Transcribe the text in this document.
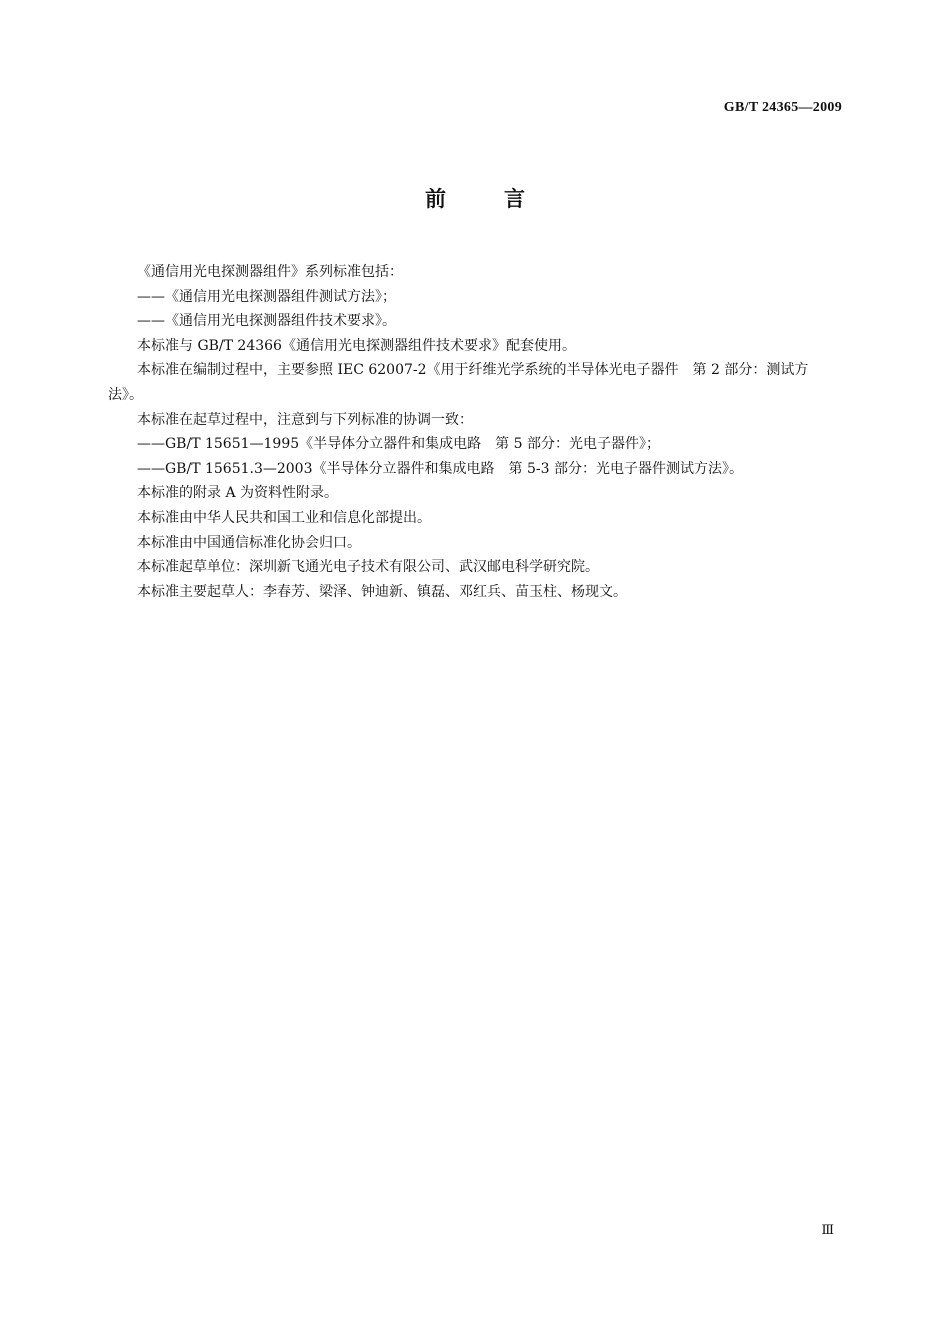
GB/T 24365—2009
前言

《通信用光电探测器组件》系列标准包括：

——《通信用光电探测器组件测试方法》；

——《通信用光电探测器组件技术要求》。

本标准与 GB/T 24366《通信用光电探测器组件技术要求》配套使用。

本标准在编制过程中，主要参照 IEC 62007-2《用于纤维光学系统的半导体光电子器件　第 2 部分：测试方法》。

本标准在起草过程中，注意到与下列标准的协调一致：

——GB/T 15651—1995《半导体分立器件和集成电路　第 5 部分：光电子器件》；

——GB/T 15651.3—2003《半导体分立器件和集成电路　第 5-3 部分：光电子器件测试方法》。

本标准的附录 A 为资料性附录。

本标准由中华人民共和国工业和信息化部提出。

本标准由中国通信标准化协会归口。

本标准起草单位：深圳新飞通光电子技术有限公司、武汉邮电科学研究院。

本标准主要起草人：李春芳、梁泽、钟迪新、镇磊、邓红兵、苗玉柱、杨现文。

Ⅲ
